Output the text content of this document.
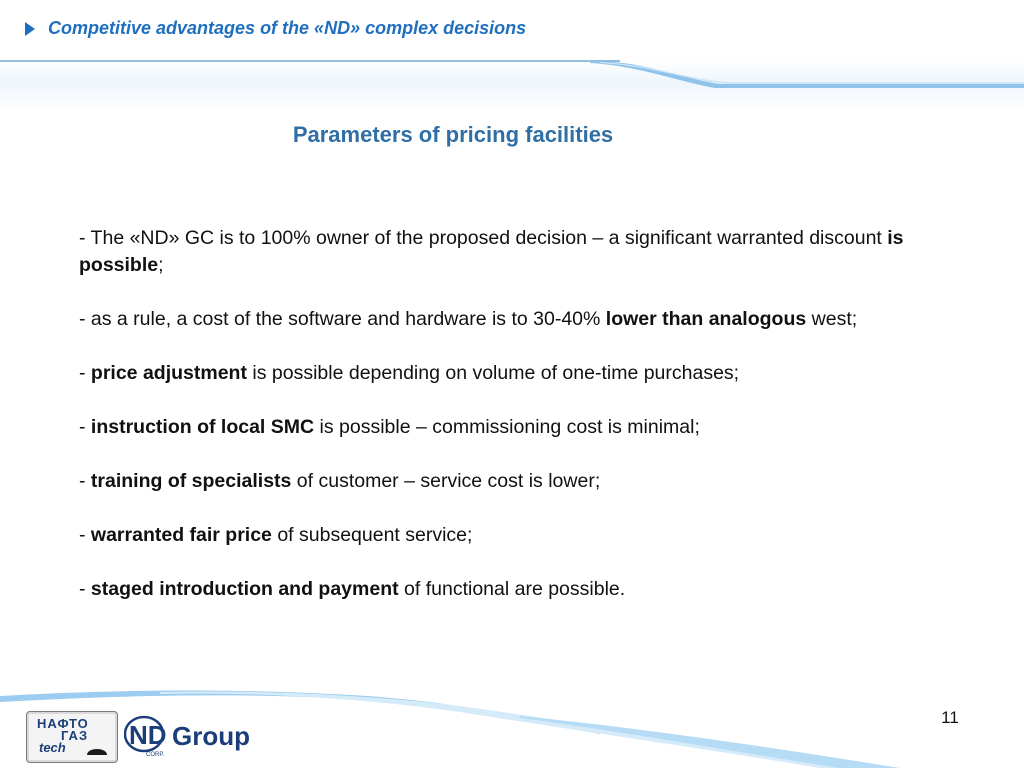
Competitive advantages of the «ND» complex decisions
Parameters of pricing facilities

- The «ND» GC is to 100% owner of the proposed decision – a significant warranted discount is possible;

- as a rule, a cost of the software and hardware is to 30-40% lower than analogous west;

- price adjustment is possible depending on volume of one-time purchases;

- instruction of local SMC is possible – commissioning cost is minimal;

- training of specialists of customer – service cost is lower;

- warranted fair price of subsequent service;

- staged introduction and payment of functional are possible.

НАФТО
ГАЗ
tech ND Group
CORP.
11
